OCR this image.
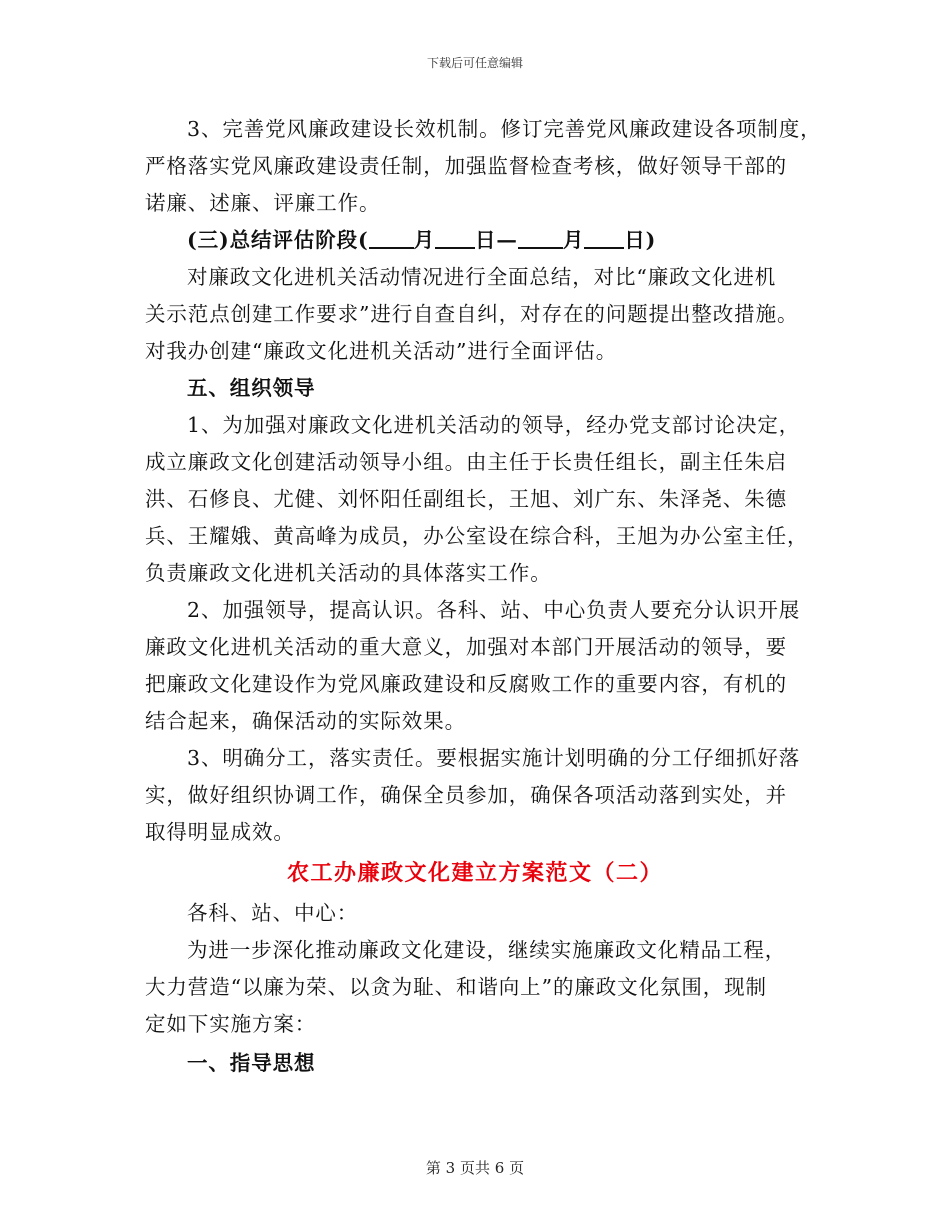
下载后可任意编辑
3、完善党风廉政建设长效机制。修订完善党风廉政建设各项制度，
严格落实党风廉政建设责任制，加强监督检查考核，做好领导干部的
诺廉、述廉、评廉工作。
(三)总结评估阶段( 月 日— 月 日)
对廉政文化进机关活动情况进行全面总结，对比“廉政文化进机
关示范点创建工作要求”进行自查自纠，对存在的问题提出整改措施。
对我办创建“廉政文化进机关活动”进行全面评估。
五、组织领导
1、为加强对廉政文化进机关活动的领导，经办党支部讨论决定，
成立廉政文化创建活动领导小组。由主任于长贵任组长，副主任朱启
洪、石修良、尤健、刘怀阳任副组长，王旭、刘广东、朱泽尧、朱德
兵、王耀娥、黄高峰为成员，办公室设在综合科，王旭为办公室主任，
负责廉政文化进机关活动的具体落实工作。
2、加强领导，提高认识。各科、站、中心负责人要充分认识开展
廉政文化进机关活动的重大意义，加强对本部门开展活动的领导，要
把廉政文化建设作为党风廉政建设和反腐败工作的重要内容，有机的
结合起来，确保活动的实际效果。
3、明确分工，落实责任。要根据实施计划明确的分工仔细抓好落
实，做好组织协调工作，确保全员参加，确保各项活动落到实处，并
取得明显成效。
农工办廉政文化建立方案范文（二）
各科、站、中心：
为进一步深化推动廉政文化建设，继续实施廉政文化精品工程，
大力营造“以廉为荣、以贪为耻、和谐向上”的廉政文化氛围，现制
定如下实施方案：
一、指导思想
第 3 页共 6 页
